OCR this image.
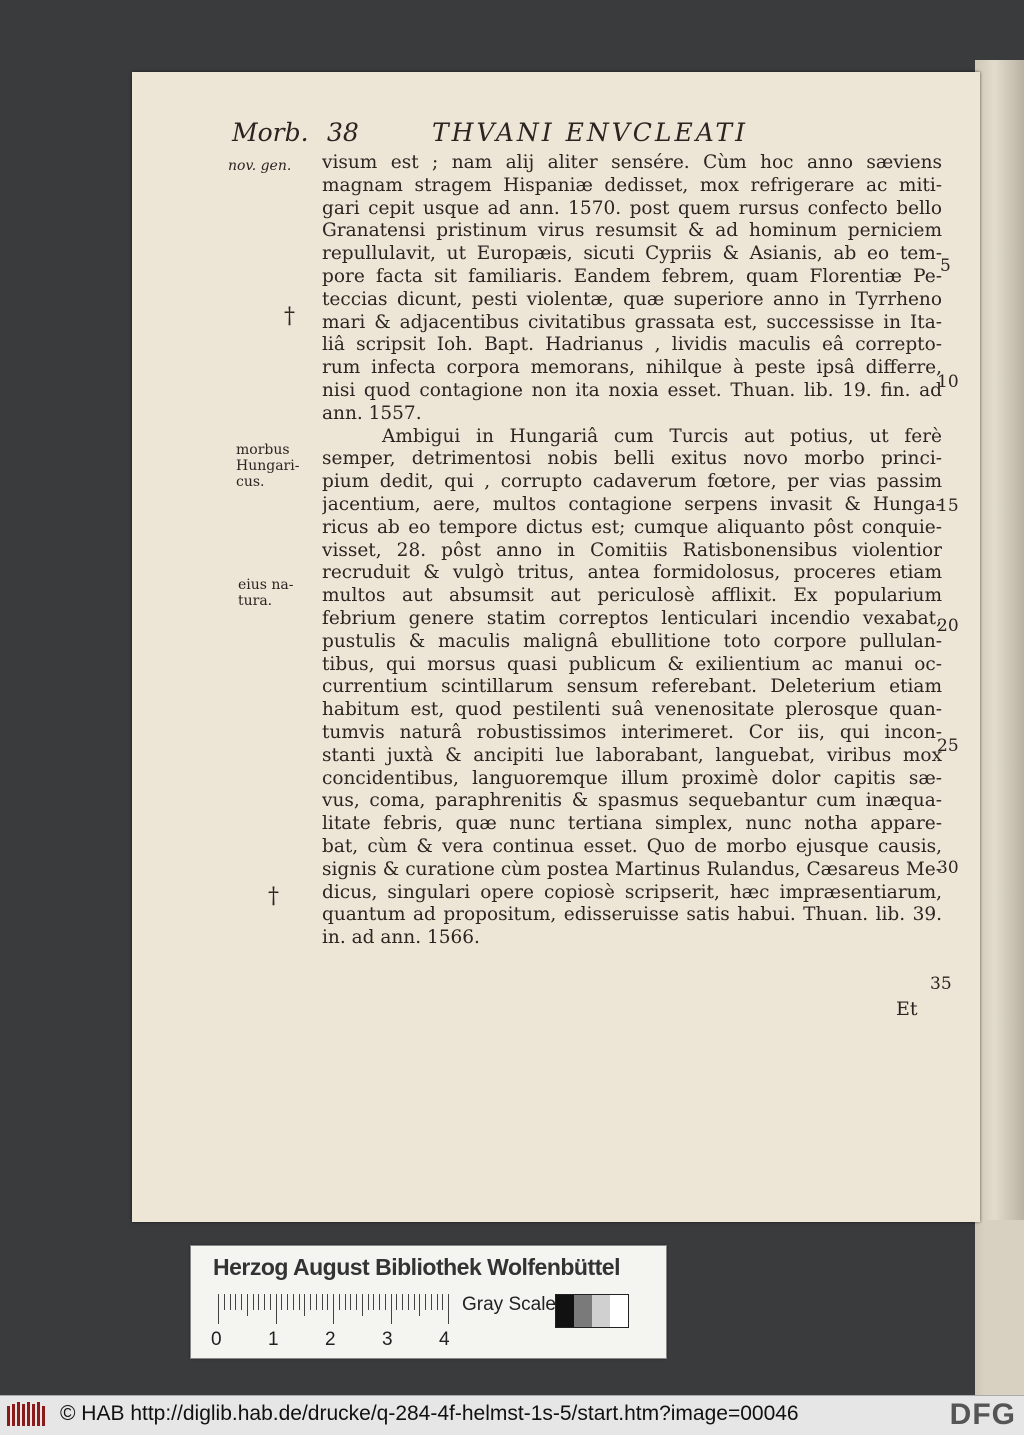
Morb. 38	THVANI ENVCLEATI
nov. gen.
morbus
Hungari-
cus.
eius na-
tura.
†
†
visum est ; nam alij aliter sensére. Cùm hoc anno sæviens
magnam stragem Hispaniæ dedisset, mox refrigerare ac miti-
gari cepit usque ad ann. 1570. post quem rursus confecto bello
Granatensi pristinum virus resumsit & ad hominum perniciem
repullulavit, ut Europæis, sicuti Cypriis & Asianis, ab eo tem-
pore facta sit familiaris. Eandem febrem, quam Florentiæ Pe-
teccias dicunt, pesti violentæ, quæ superiore anno in Tyrrheno
mari & adjacentibus civitatibus grassata est, successisse in Ita-
liâ scripsit Ioh. Bapt. Hadrianus , lividis maculis eâ correpto-
rum infecta corpora memorans, nihilque à peste ipsâ differre,
nisi quod contagione non ita noxia esset. Thuan. lib. 19. fin. ad
ann. 1557.
Ambigui in Hungariâ cum Turcis aut potius, ut ferè
semper, detrimentosi nobis belli exitus novo morbo princi-
pium dedit, qui , corrupto cadaverum fœtore, per vias passim
jacentium, aere, multos contagione serpens invasit & Hunga-
ricus ab eo tempore dictus est; cumque aliquanto pôst conquie-
visset, 28. pôst anno in Comitiis Ratisbonensibus violentior
recruduit & vulgò tritus, antea formidolosus, proceres etiam
multos aut absumsit aut periculosè afflixit. Ex popularium
febrium genere statim correptos lenticulari incendio vexabat,
pustulis & maculis malignâ ebullitione toto corpore pullulan-
tibus, qui morsus quasi publicum & exilientium ac manui oc-
currentium scintillarum sensum referebant. Deleterium etiam
habitum est, quod pestilenti suâ venenositate plerosque quan-
tumvis naturâ robustissimos interimeret. Cor iis, qui incon-
stanti juxtà & ancipiti lue laborabant, languebat, viribus mox
concidentibus, languoremque illum proximè dolor capitis sæ-
vus, coma, paraphrenitis & spasmus sequebantur cum inæqua-
litate febris, quæ nunc tertiana simplex, nunc notha appare-
bat, cùm & vera continua esset. Quo de morbo ejusque causis,
signis & curatione cùm postea Martinus Rulandus, Cæsareus Me-
dicus, singulari opere copiosè scripserit, hæc impræsentiarum,
quantum ad propositum, edisseruisse satis habui. Thuan. lib. 39.
in. ad ann. 1566.
5
10
15
20
25
30
35
Et
Herzog August Bibliothek Wolfenbüttel
0 1 2 3 4
Gray Scale
© HAB http://diglib.hab.de/drucke/q-284-4f-helmst-1s-5/start.htm?image=00046	DFG
